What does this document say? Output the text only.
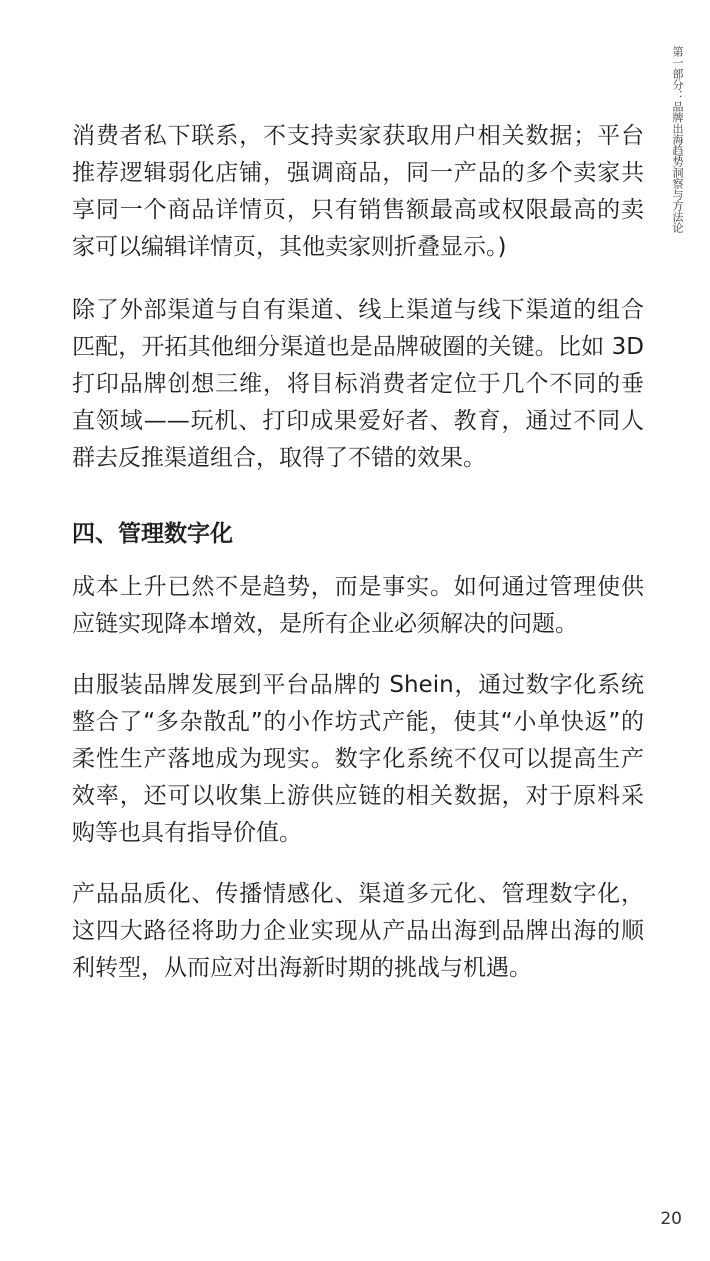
第一部分：品牌出海趋势洞察与方法论

消费者私下联系，不支持卖家获取用户相关数据；平台推荐逻辑弱化店铺，强调商品，同一产品的多个卖家共享同一个商品详情页，只有销售额最高或权限最高的卖家可以编辑详情页，其他卖家则折叠显示。)

除了外部渠道与自有渠道、线上渠道与线下渠道的组合匹配，开拓其他细分渠道也是品牌破圈的关键。比如 3D 打印品牌创想三维，将目标消费者定位于几个不同的垂直领域——玩机、打印成果爱好者、教育，通过不同人群去反推渠道组合，取得了不错的效果。

四、管理数字化

成本上升已然不是趋势，而是事实。如何通过管理使供应链实现降本增效，是所有企业必须解决的问题。

由服装品牌发展到平台品牌的 Shein，通过数字化系统整合了“多杂散乱”的小作坊式产能，使其“小单快返”的柔性生产落地成为现实。数字化系统不仅可以提高生产效率，还可以收集上游供应链的相关数据，对于原料采购等也具有指导价值。

产品品质化、传播情感化、渠道多元化、管理数字化，这四大路径将助力企业实现从产品出海到品牌出海的顺利转型，从而应对出海新时期的挑战与机遇。

20
